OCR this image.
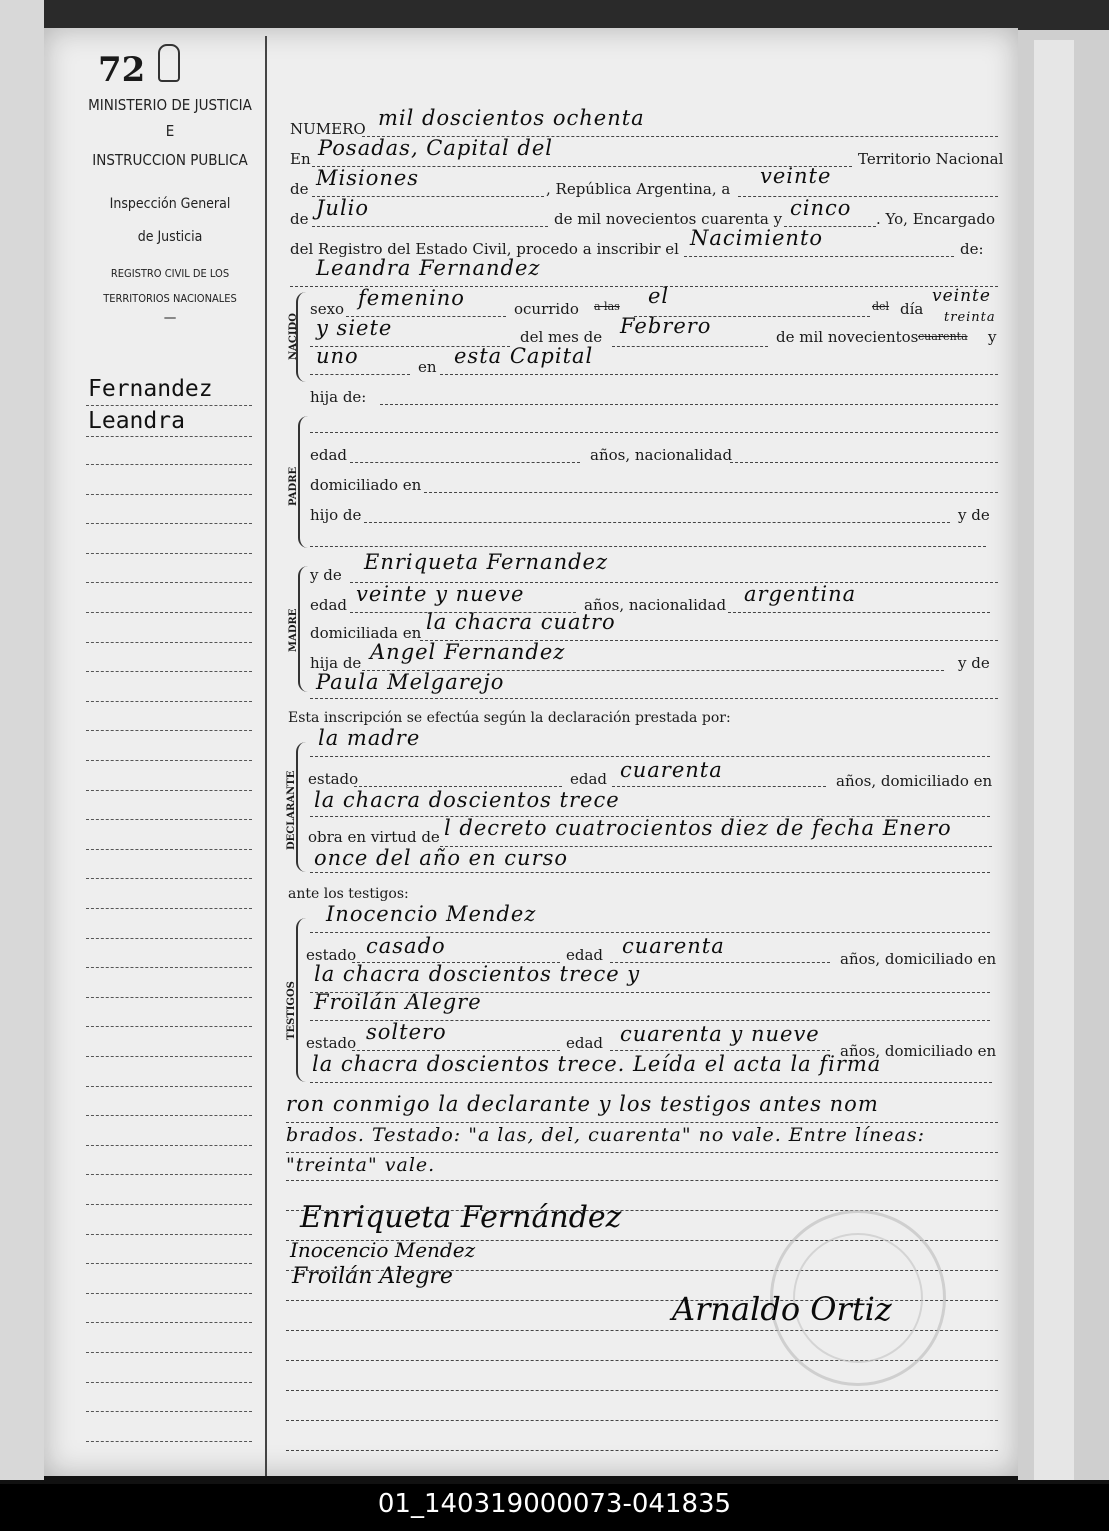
72
MINISTERIO DE JUSTICIA
E
INSTRUCCION PUBLICA
Inspección General
de Justicia
REGISTRO CIVIL DE LOS
TERRITORIOS NACIONALES
—
Fernandez
Leandra
NUMERO mil doscientos ochenta
En Posadas, Capital del	Territorio Nacional
de Misiones	, República Argentina, a
veinte
de Julio	de mil novecientos cuarenta y cinco . Yo, Encargado
del Registro del Estado Civil, procedo a inscribir el Nacimiento	de:
Leandra Fernandez
NACIDO
sexo femenino	ocurrido a las el	del día
veinte
y siete	del mes de Febrero	de mil novecientos
treinta
cuarenta y
uno	en esta Capital
hija de:
PADRE
edad	años, nacionalidad
domiciliado en
hijo de	y de
MADRE
y de
Enriqueta Fernandez
edad veinte y nueve	años, nacionalidad argentina
domiciliada en la chacra cuatro
hija de Angel Fernandez	y de
Paula Melgarejo
Esta inscripción se efectúa según la declaración prestada por:
DECLARANTE
la madre
estado	edad cuarenta	años, domiciliado en
la chacra doscientos trece
obra en virtud de l decreto cuatrocientos diez de fecha Enero
once del año en curso
ante los testigos:
TESTIGOS
Inocencio Mendez
estado casado	edad cuarenta
años, domiciliado en
la chacra doscientos trece y
Froilán Alegre
estado soltero	edad cuarenta y nueve
años, domiciliado en
la chacra doscientos trece. Leída el acta la firma
ron conmigo la declarante y los testigos antes nom
brados. Testado: "a las, del, cuarenta" no vale. Entre líneas:
"treinta" vale.
Enriqueta Fernández
Inocencio Mendez
Froilán Alegre
Arnaldo Ortiz
01_140319000073-041835
